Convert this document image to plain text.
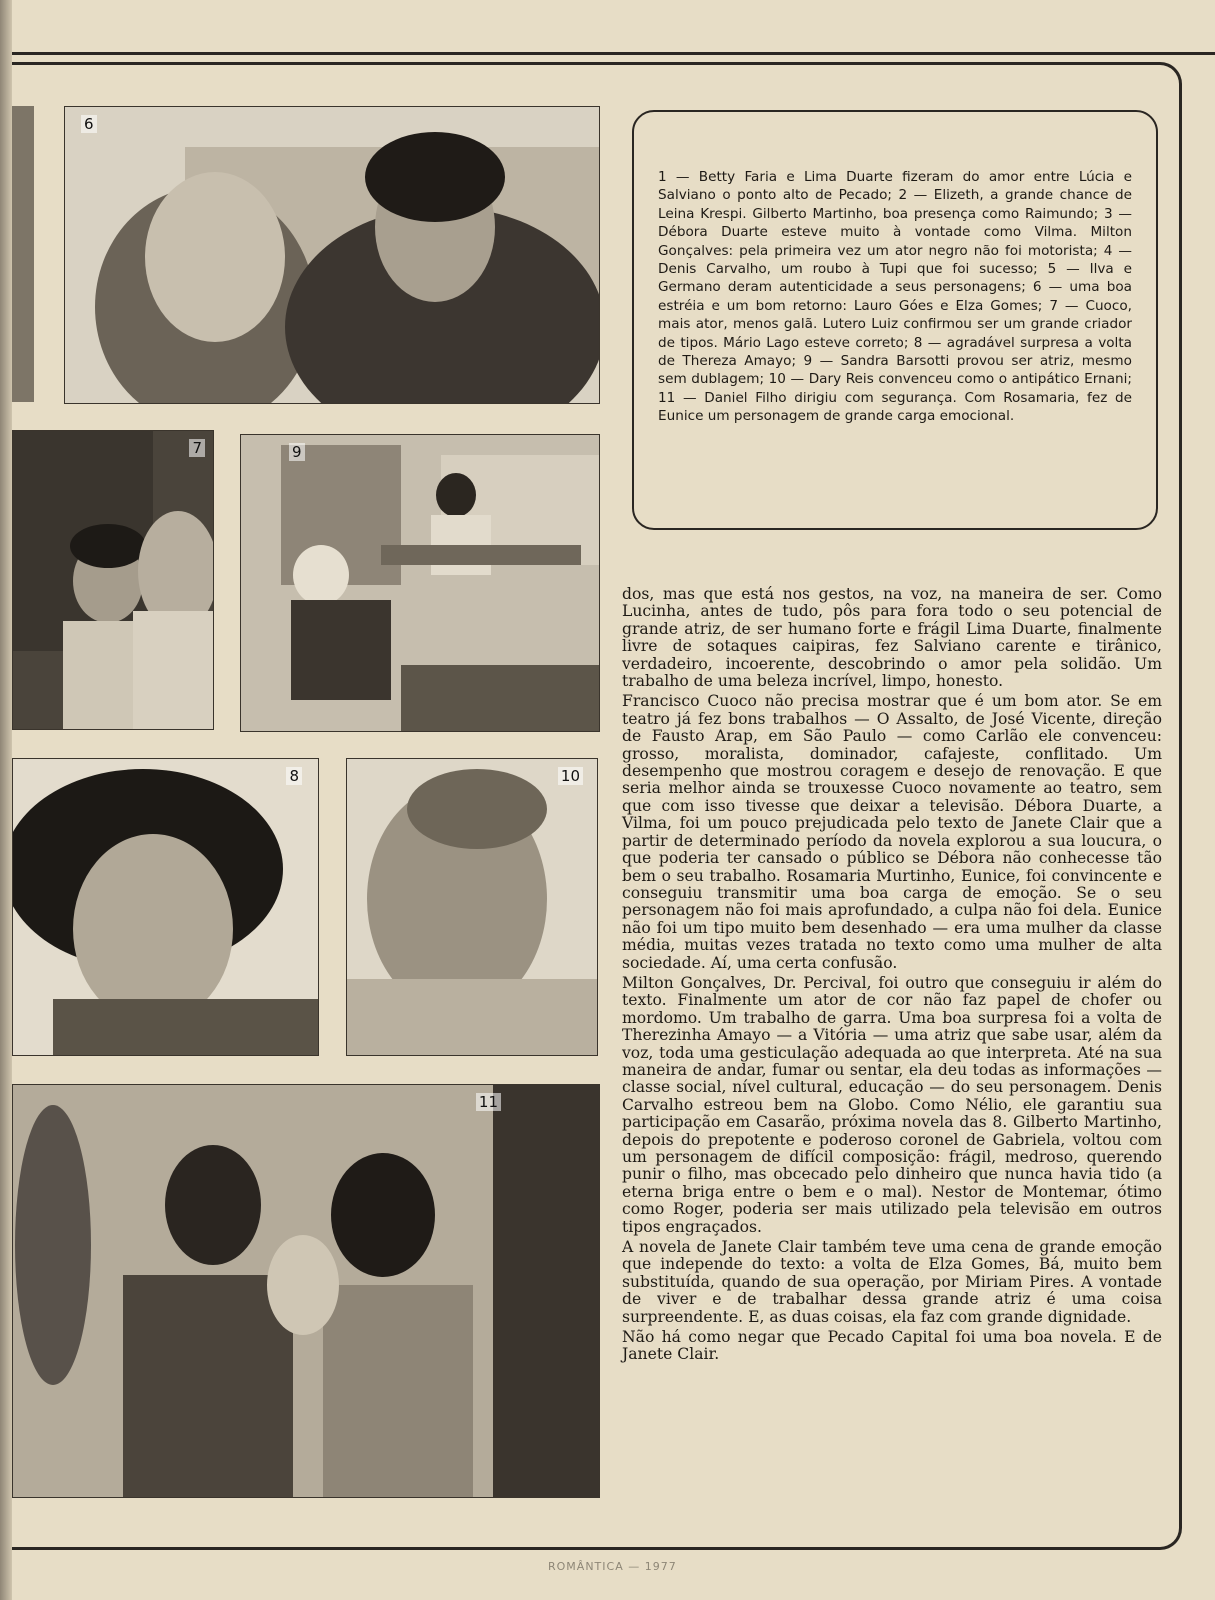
6
7	9
8	10
11
1 — Betty Faria e Lima Duarte fizeram do amor entre Lúcia e Salviano o ponto alto de Pecado; 2 — Elizeth, a grande chance de Leina Krespi. Gilberto Martinho, boa presença como Raimundo; 3 — Débora Duarte esteve muito à vontade como Vilma. Milton Gonçalves: pela primeira vez um ator negro não foi motorista; 4 — Denis Carvalho, um roubo à Tupi que foi sucesso; 5 — Ilva e Germano deram autenticidade a seus personagens; 6 — uma boa estréia e um bom retorno: Lauro Góes e Elza Gomes; 7 — Cuoco, mais ator, menos galã. Lutero Luiz confirmou ser um grande criador de tipos. Mário Lago esteve correto; 8 — agradável surpresa a volta de Thereza Amayo; 9 — Sandra Barsotti provou ser atriz, mesmo sem dublagem; 10 — Dary Reis convenceu como o antipático Ernani; 11 — Daniel Filho dirigiu com segurança. Com Rosamaria, fez de Eunice um personagem de grande carga emocional.

dos, mas que está nos gestos, na voz, na maneira de ser. Como Lucinha, antes de tudo, pôs para fora todo o seu potencial de grande atriz, de ser humano forte e frágil Lima Duarte, finalmente livre de sotaques caipiras, fez Salviano carente e tirânico, verdadeiro, incoerente, descobrindo o amor pela solidão. Um trabalho de uma beleza incrível, limpo, honesto.

Francisco Cuoco não precisa mostrar que é um bom ator. Se em teatro já fez bons trabalhos — O Assalto, de José Vicente, direção de Fausto Arap, em São Paulo — como Carlão ele convenceu: grosso, moralista, dominador, cafajeste, conflitado. Um desempenho que mostrou coragem e desejo de renovação. E que seria melhor ainda se trouxesse Cuoco novamente ao teatro, sem que com isso tivesse que deixar a televisão. Débora Duarte, a Vilma, foi um pouco prejudicada pelo texto de Janete Clair que a partir de determinado período da novela explorou a sua loucura, o que poderia ter cansado o público se Débora não conhecesse tão bem o seu trabalho. Rosamaria Murtinho, Eunice, foi convincente e conseguiu transmitir uma boa carga de emoção. Se o seu personagem não foi mais aprofundado, a culpa não foi dela. Eunice não foi um tipo muito bem desenhado — era uma mulher da classe média, muitas vezes tratada no texto como uma mulher de alta sociedade. Aí, uma certa confusão.

Milton Gonçalves, Dr. Percival, foi outro que conseguiu ir além do texto. Finalmente um ator de cor não faz papel de chofer ou mordomo. Um trabalho de garra. Uma boa surpresa foi a volta de Therezinha Amayo — a Vitória — uma atriz que sabe usar, além da voz, toda uma gesticulação adequada ao que interpreta. Até na sua maneira de andar, fumar ou sentar, ela deu todas as informações — classe social, nível cultural, educação — do seu personagem. Denis Carvalho estreou bem na Globo. Como Nélio, ele garantiu sua participação em Casarão, próxima novela das 8. Gilberto Martinho, depois do prepotente e poderoso coronel de Gabriela, voltou com um personagem de difícil composição: frágil, medroso, querendo punir o filho, mas obcecado pelo dinheiro que nunca havia tido (a eterna briga entre o bem e o mal). Nestor de Montemar, ótimo como Roger, poderia ser mais utilizado pela televisão em outros tipos engraçados.

A novela de Janete Clair também teve uma cena de grande emoção que independe do texto: a volta de Elza Gomes, Bá, muito bem substituída, quando de sua operação, por Miriam Pires. A vontade de viver e de trabalhar dessa grande atriz é uma coisa surpreendente. E, as duas coisas, ela faz com grande dignidade.

Não há como negar que Pecado Capital foi uma boa novela. E de Janete Clair.

ROMÂNTICA — 1977
